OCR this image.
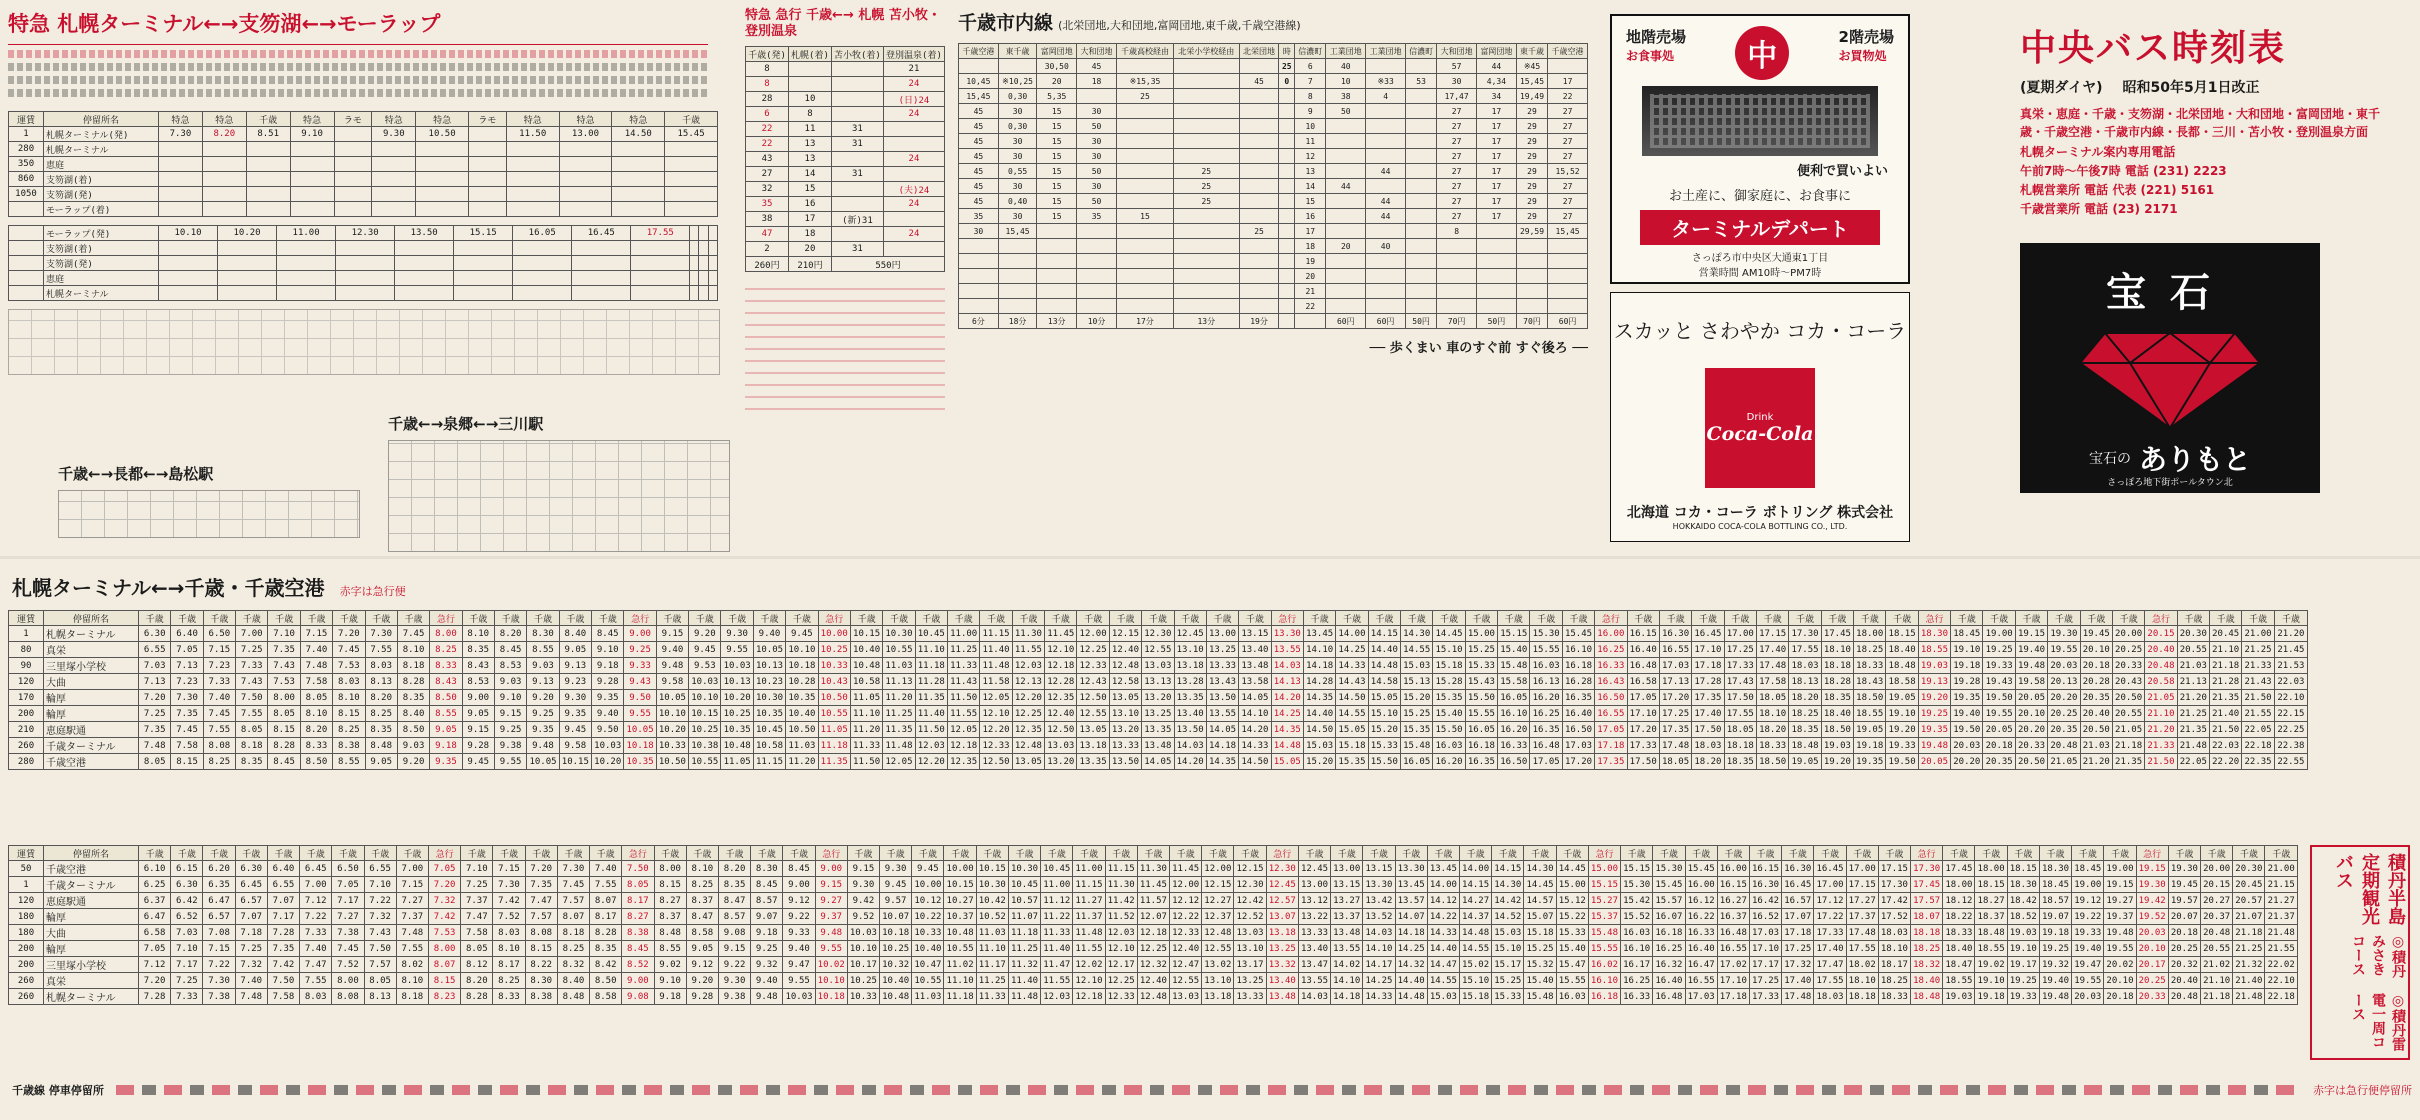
特急 札幌ターミナル←→支笏湖←→モーラップ
運賃	停留所名	特急	特急	千歳	特急	ラモ	特急	特急	ラモ	特急	特急	特急	千歳
1	札幌ターミナル(発)	7.30	8.20	8.51	9.10		9.30	10.50		11.50	13.00	14.50	15.45
280	札幌ターミナル												
350	恵庭												
860	支笏湖(着)												
1050	支笏湖(発)												
	モーラップ(着)												
	モーラップ(発)	10.10	10.20	11.00	12.30	13.50	15.15	16.05	16.45	17.55			
	支笏湖(着)												
	支笏湖(発)												
	恵庭												
	札幌ターミナル												
千歳←→泉郷←→三川駅
千歳←→長都←→島松駅
特急 急行 千歳←→ 札幌 苫小牧・登別温泉
千歳(発)	札幌(着)	苫小牧(着)	登別温泉(着)
8			21
8			24
28	10		(日)24
6	8		24
22	11	31	
22	13	31	
43	13		24
27	14	31	
32	15		(夫)24
35	16		24
38	17	(新)31	
47	18		24
2	20	31	
260円	210円	550円	
千歳市内線 (北栄団地,大和団地,富岡団地,東千歳,千歳空港線)
千歳空港	東千歳	富岡団地	大和団地	千歳高校経由	北栄小学校経由	北栄団地	時	信濃町	工業団地	工業団地	信濃町	大和団地	富岡団地	東千歳	千歳空港
		30,50	45				25	6	40			57	44	※45	
10,45	※10,25	20	18	※15,35		45	0	7	10	※33	53	30	4,34	15,45	17
15,45	0,30	5,35		25				8	38	4		17,47	34	19,49	22
45	30	15	30					9	50			27	17	29	27
45	0,30	15	50					10				27	17	29	27
45	30	15	30					11				27	17	29	27
45	30	15	30					12				27	17	29	27
45	0,55	15	50		25			13		44		27	17	29	15,52
45	30	15	30		25			14	44			27	17	29	27
45	0,40	15	50		25			15		44		27	17	29	27
35	30	15	35	15				16		44		27	17	29	27
30	15,45					25		17				8		29,59	15,45
								18	20	40					
								19							
								20							
								21							
								22							
6分	18分	13分	10分	17分	13分	19分			60円	60円	50円	70円	50円	70円	60円
── 歩くまい 車のすぐ前 すぐ後ろ ──
地階売場
お食事処	中
2階売場
お買物処
便利で買いよい
お土産に、御家庭に、お食事に
ターミナルデパート
さっぽろ市中央区大通東1丁目
営業時間 AM10時〜PM7時
スカッと さわやか コカ・コーラ
Drink
Coca-Cola
北海道 コカ・コーラ ボトリング 株式会社
HOKKAIDO COCA-COLA BOTTLING CO., LTD.
中央バス時刻表
(夏期ダイヤ) 昭和50年5月1日改正
真栄・恵庭・千歳・支笏湖・北栄団地・大和団地・富岡団地・東千歳・千歳空港・千歳市内線・長都・三川・苫小牧・登別温泉方面
札幌ターミナル案内専用電話
午前7時～午後7時 電話 (231) 2223
札幌営業所 電話 代表 (221) 5161
千歳営業所 電話 (23) 2171
宝石
宝石の ありもと
さっぽろ地下街ポールタウン北
札幌ターミナル←→千歳・千歳空港 赤字は急行便
運賃	停留所名	千歳	千歳	千歳	千歳	千歳	千歳	千歳	千歳	千歳	急行	千歳	千歳	千歳	千歳	千歳	急行	千歳	千歳	千歳	千歳	千歳	急行	千歳	千歳	千歳	千歳	千歳	千歳	千歳	千歳	千歳	千歳	千歳	千歳	千歳	急行	千歳	千歳	千歳	千歳	千歳	千歳	千歳	千歳	千歳	急行	千歳	千歳	千歳	千歳	千歳	千歳	千歳	千歳	千歳	急行	千歳	千歳	千歳	千歳	千歳	千歳	急行	千歳	千歳	千歳	千歳
1	札幌ターミナル	6.30	6.40	6.50	7.00	7.10	7.15	7.20	7.30	7.45	8.00	8.10	8.20	8.30	8.40	8.45	9.00	9.15	9.20	9.30	9.40	9.45	10.00	10.15	10.30	10.45	11.00	11.15	11.30	11.45	12.00	12.15	12.30	12.45	13.00	13.15	13.30	13.45	14.00	14.15	14.30	14.45	15.00	15.15	15.30	15.45	16.00	16.15	16.30	16.45	17.00	17.15	17.30	17.45	18.00	18.15	18.30	18.45	19.00	19.15	19.30	19.45	20.00	20.15	20.30	20.45	21.00	21.20
80	真栄	6.55	7.05	7.15	7.25	7.35	7.40	7.45	7.55	8.10	8.25	8.35	8.45	8.55	9.05	9.10	9.25	9.40	9.45	9.55	10.05	10.10	10.25	10.40	10.55	11.10	11.25	11.40	11.55	12.10	12.25	12.40	12.55	13.10	13.25	13.40	13.55	14.10	14.25	14.40	14.55	15.10	15.25	15.40	15.55	16.10	16.25	16.40	16.55	17.10	17.25	17.40	17.55	18.10	18.25	18.40	18.55	19.10	19.25	19.40	19.55	20.10	20.25	20.40	20.55	21.10	21.25	21.45
90	三里塚小学校	7.03	7.13	7.23	7.33	7.43	7.48	7.53	8.03	8.18	8.33	8.43	8.53	9.03	9.13	9.18	9.33	9.48	9.53	10.03	10.13	10.18	10.33	10.48	11.03	11.18	11.33	11.48	12.03	12.18	12.33	12.48	13.03	13.18	13.33	13.48	14.03	14.18	14.33	14.48	15.03	15.18	15.33	15.48	16.03	16.18	16.33	16.48	17.03	17.18	17.33	17.48	18.03	18.18	18.33	18.48	19.03	19.18	19.33	19.48	20.03	20.18	20.33	20.48	21.03	21.18	21.33	21.53
120	大曲	7.13	7.23	7.33	7.43	7.53	7.58	8.03	8.13	8.28	8.43	8.53	9.03	9.13	9.23	9.28	9.43	9.58	10.03	10.13	10.23	10.28	10.43	10.58	11.13	11.28	11.43	11.58	12.13	12.28	12.43	12.58	13.13	13.28	13.43	13.58	14.13	14.28	14.43	14.58	15.13	15.28	15.43	15.58	16.13	16.28	16.43	16.58	17.13	17.28	17.43	17.58	18.13	18.28	18.43	18.58	19.13	19.28	19.43	19.58	20.13	20.28	20.43	20.58	21.13	21.28	21.43	22.03
170	輪厚	7.20	7.30	7.40	7.50	8.00	8.05	8.10	8.20	8.35	8.50	9.00	9.10	9.20	9.30	9.35	9.50	10.05	10.10	10.20	10.30	10.35	10.50	11.05	11.20	11.35	11.50	12.05	12.20	12.35	12.50	13.05	13.20	13.35	13.50	14.05	14.20	14.35	14.50	15.05	15.20	15.35	15.50	16.05	16.20	16.35	16.50	17.05	17.20	17.35	17.50	18.05	18.20	18.35	18.50	19.05	19.20	19.35	19.50	20.05	20.20	20.35	20.50	21.05	21.20	21.35	21.50	22.10
200	輪厚	7.25	7.35	7.45	7.55	8.05	8.10	8.15	8.25	8.40	8.55	9.05	9.15	9.25	9.35	9.40	9.55	10.10	10.15	10.25	10.35	10.40	10.55	11.10	11.25	11.40	11.55	12.10	12.25	12.40	12.55	13.10	13.25	13.40	13.55	14.10	14.25	14.40	14.55	15.10	15.25	15.40	15.55	16.10	16.25	16.40	16.55	17.10	17.25	17.40	17.55	18.10	18.25	18.40	18.55	19.10	19.25	19.40	19.55	20.10	20.25	20.40	20.55	21.10	21.25	21.40	21.55	22.15
210	恵庭駅通	7.35	7.45	7.55	8.05	8.15	8.20	8.25	8.35	8.50	9.05	9.15	9.25	9.35	9.45	9.50	10.05	10.20	10.25	10.35	10.45	10.50	11.05	11.20	11.35	11.50	12.05	12.20	12.35	12.50	13.05	13.20	13.35	13.50	14.05	14.20	14.35	14.50	15.05	15.20	15.35	15.50	16.05	16.20	16.35	16.50	17.05	17.20	17.35	17.50	18.05	18.20	18.35	18.50	19.05	19.20	19.35	19.50	20.05	20.20	20.35	20.50	21.05	21.20	21.35	21.50	22.05	22.25
260	千歳ターミナル	7.48	7.58	8.08	8.18	8.28	8.33	8.38	8.48	9.03	9.18	9.28	9.38	9.48	9.58	10.03	10.18	10.33	10.38	10.48	10.58	11.03	11.18	11.33	11.48	12.03	12.18	12.33	12.48	13.03	13.18	13.33	13.48	14.03	14.18	14.33	14.48	15.03	15.18	15.33	15.48	16.03	16.18	16.33	16.48	17.03	17.18	17.33	17.48	18.03	18.18	18.33	18.48	19.03	19.18	19.33	19.48	20.03	20.18	20.33	20.48	21.03	21.18	21.33	21.48	22.03	22.18	22.38
280	千歳空港	8.05	8.15	8.25	8.35	8.45	8.50	8.55	9.05	9.20	9.35	9.45	9.55	10.05	10.15	10.20	10.35	10.50	10.55	11.05	11.15	11.20	11.35	11.50	12.05	12.20	12.35	12.50	13.05	13.20	13.35	13.50	14.05	14.20	14.35	14.50	15.05	15.20	15.35	15.50	16.05	16.20	16.35	16.50	17.05	17.20	17.35	17.50	18.05	18.20	18.35	18.50	19.05	19.20	19.35	19.50	20.05	20.20	20.35	20.50	21.05	21.20	21.35	21.50	22.05	22.20	22.35	22.55
運賃	停留所名	千歳	千歳	千歳	千歳	千歳	千歳	千歳	千歳	千歳	急行	千歳	千歳	千歳	千歳	千歳	急行	千歳	千歳	千歳	千歳	千歳	急行	千歳	千歳	千歳	千歳	千歳	千歳	千歳	千歳	千歳	千歳	千歳	千歳	千歳	急行	千歳	千歳	千歳	千歳	千歳	千歳	千歳	千歳	千歳	急行	千歳	千歳	千歳	千歳	千歳	千歳	千歳	千歳	千歳	急行	千歳	千歳	千歳	千歳	千歳	千歳	急行	千歳	千歳	千歳	千歳
50	千歳空港	6.10	6.15	6.20	6.30	6.40	6.45	6.50	6.55	7.00	7.05	7.10	7.15	7.20	7.30	7.40	7.50	8.00	8.10	8.20	8.30	8.45	9.00	9.15	9.30	9.45	10.00	10.15	10.30	10.45	11.00	11.15	11.30	11.45	12.00	12.15	12.30	12.45	13.00	13.15	13.30	13.45	14.00	14.15	14.30	14.45	15.00	15.15	15.30	15.45	16.00	16.15	16.30	16.45	17.00	17.15	17.30	17.45	18.00	18.15	18.30	18.45	19.00	19.15	19.30	20.00	20.30	21.00
1	千歳ターミナル	6.25	6.30	6.35	6.45	6.55	7.00	7.05	7.10	7.15	7.20	7.25	7.30	7.35	7.45	7.55	8.05	8.15	8.25	8.35	8.45	9.00	9.15	9.30	9.45	10.00	10.15	10.30	10.45	11.00	11.15	11.30	11.45	12.00	12.15	12.30	12.45	13.00	13.15	13.30	13.45	14.00	14.15	14.30	14.45	15.00	15.15	15.30	15.45	16.00	16.15	16.30	16.45	17.00	17.15	17.30	17.45	18.00	18.15	18.30	18.45	19.00	19.15	19.30	19.45	20.15	20.45	21.15
120	恵庭駅通	6.37	6.42	6.47	6.57	7.07	7.12	7.17	7.22	7.27	7.32	7.37	7.42	7.47	7.57	8.07	8.17	8.27	8.37	8.47	8.57	9.12	9.27	9.42	9.57	10.12	10.27	10.42	10.57	11.12	11.27	11.42	11.57	12.12	12.27	12.42	12.57	13.12	13.27	13.42	13.57	14.12	14.27	14.42	14.57	15.12	15.27	15.42	15.57	16.12	16.27	16.42	16.57	17.12	17.27	17.42	17.57	18.12	18.27	18.42	18.57	19.12	19.27	19.42	19.57	20.27	20.57	21.27
180	輪厚	6.47	6.52	6.57	7.07	7.17	7.22	7.27	7.32	7.37	7.42	7.47	7.52	7.57	8.07	8.17	8.27	8.37	8.47	8.57	9.07	9.22	9.37	9.52	10.07	10.22	10.37	10.52	11.07	11.22	11.37	11.52	12.07	12.22	12.37	12.52	13.07	13.22	13.37	13.52	14.07	14.22	14.37	14.52	15.07	15.22	15.37	15.52	16.07	16.22	16.37	16.52	17.07	17.22	17.37	17.52	18.07	18.22	18.37	18.52	19.07	19.22	19.37	19.52	20.07	20.37	21.07	21.37
180	大曲	6.58	7.03	7.08	7.18	7.28	7.33	7.38	7.43	7.48	7.53	7.58	8.03	8.08	8.18	8.28	8.38	8.48	8.58	9.08	9.18	9.33	9.48	10.03	10.18	10.33	10.48	11.03	11.18	11.33	11.48	12.03	12.18	12.33	12.48	13.03	13.18	13.33	13.48	14.03	14.18	14.33	14.48	15.03	15.18	15.33	15.48	16.03	16.18	16.33	16.48	17.03	17.18	17.33	17.48	18.03	18.18	18.33	18.48	19.03	19.18	19.33	19.48	20.03	20.18	20.48	21.18	21.48
200	輪厚	7.05	7.10	7.15	7.25	7.35	7.40	7.45	7.50	7.55	8.00	8.05	8.10	8.15	8.25	8.35	8.45	8.55	9.05	9.15	9.25	9.40	9.55	10.10	10.25	10.40	10.55	11.10	11.25	11.40	11.55	12.10	12.25	12.40	12.55	13.10	13.25	13.40	13.55	14.10	14.25	14.40	14.55	15.10	15.25	15.40	15.55	16.10	16.25	16.40	16.55	17.10	17.25	17.40	17.55	18.10	18.25	18.40	18.55	19.10	19.25	19.40	19.55	20.10	20.25	20.55	21.25	21.55
200	三里塚小学校	7.12	7.17	7.22	7.32	7.42	7.47	7.52	7.57	8.02	8.07	8.12	8.17	8.22	8.32	8.42	8.52	9.02	9.12	9.22	9.32	9.47	10.02	10.17	10.32	10.47	11.02	11.17	11.32	11.47	12.02	12.17	12.32	12.47	13.02	13.17	13.32	13.47	14.02	14.17	14.32	14.47	15.02	15.17	15.32	15.47	16.02	16.17	16.32	16.47	17.02	17.17	17.32	17.47	18.02	18.17	18.32	18.47	19.02	19.17	19.32	19.47	20.02	20.17	20.32	21.02	21.32	22.02
260	真栄	7.20	7.25	7.30	7.40	7.50	7.55	8.00	8.05	8.10	8.15	8.20	8.25	8.30	8.40	8.50	9.00	9.10	9.20	9.30	9.40	9.55	10.10	10.25	10.40	10.55	11.10	11.25	11.40	11.55	12.10	12.25	12.40	12.55	13.10	13.25	13.40	13.55	14.10	14.25	14.40	14.55	15.10	15.25	15.40	15.55	16.10	16.25	16.40	16.55	17.10	17.25	17.40	17.55	18.10	18.25	18.40	18.55	19.10	19.25	19.40	19.55	20.10	20.25	20.40	21.10	21.40	22.10
260	札幌ターミナル	7.28	7.33	7.38	7.48	7.58	8.03	8.08	8.13	8.18	8.23	8.28	8.33	8.38	8.48	8.58	9.08	9.18	9.28	9.38	9.48	10.03	10.18	10.33	10.48	11.03	11.18	11.33	11.48	12.03	12.18	12.33	12.48	13.03	13.18	13.33	13.48	14.03	14.18	14.33	14.48	15.03	15.18	15.33	15.48	16.03	16.18	16.33	16.48	17.03	17.18	17.33	17.48	18.03	18.18	18.33	18.48	19.03	19.18	19.33	19.48	20.03	20.18	20.33	20.48	21.18	21.48	22.18
積丹半島定期観光バス
◎積丹みさきコース
◎積丹雷電一周コース
千歳線 停車停留所	赤字は急行便停留所
